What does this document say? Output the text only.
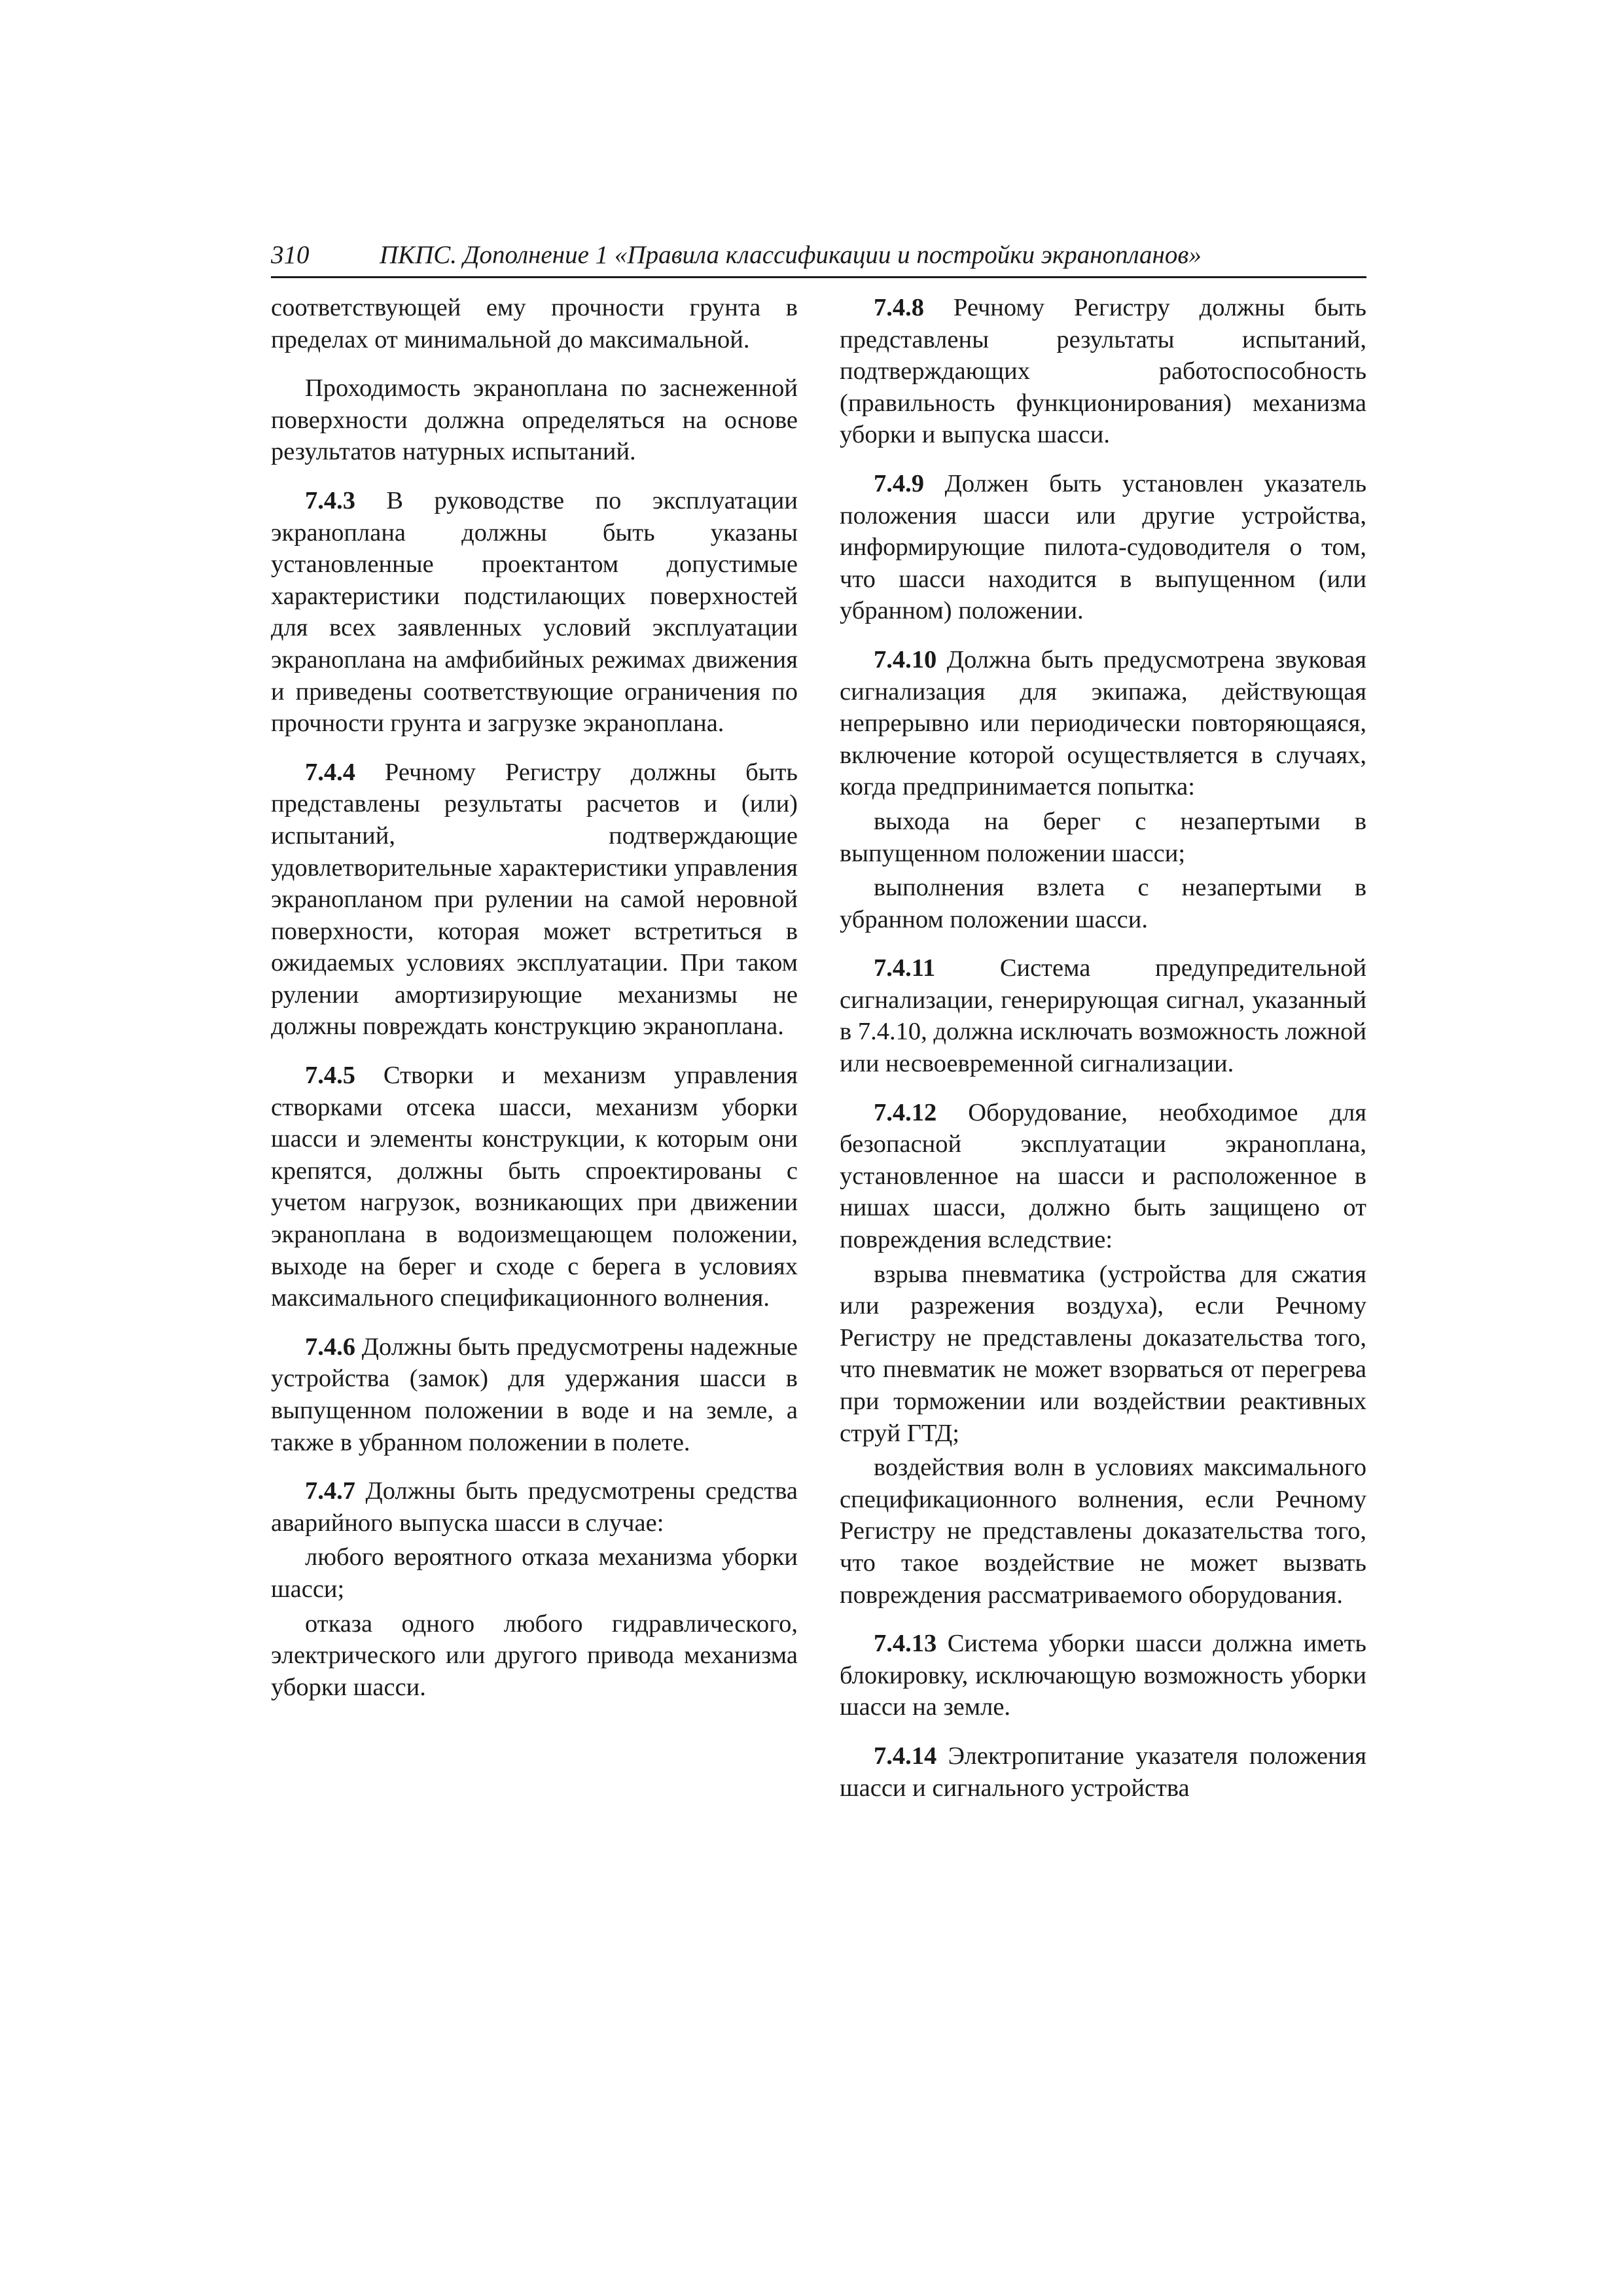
310	ПКПС. Дополнение 1 «Правила классификации и постройки экранопланов»

соответствующей ему прочности грунта в пределах от минимальной до максимальной.

Проходимость экраноплана по заснеженной поверхности должна определяться на основе результатов натурных испытаний.

7.4.3 В руководстве по эксплуатации экраноплана должны быть указаны установленные проектантом допустимые характеристики подстилающих поверхностей для всех заявленных условий эксплуатации экраноплана на амфибийных режимах движения и приведены соответствующие ограничения по прочности грунта и загрузке экраноплана.

7.4.4 Речному Регистру должны быть представлены результаты расчетов и (или) испытаний, подтверждающие удовлетворительные характеристики управления экранопланом при рулении на самой неровной поверхности, которая может встретиться в ожидаемых условиях эксплуатации. При таком рулении амортизирующие механизмы не должны повреждать конструкцию экраноплана.

7.4.5 Створки и механизм управления створками отсека шасси, механизм уборки шасси и элементы конструкции, к которым они крепятся, должны быть спроектированы с учетом нагрузок, возникающих при движении экраноплана в водоизмещающем положении, выходе на берег и сходе с берега в условиях максимального спецификационного волнения.

7.4.6 Должны быть предусмотрены надежные устройства (замок) для удержания шасси в выпущенном положении в воде и на земле, а также в убранном положении в полете.

7.4.7 Должны быть предусмотрены средства аварийного выпуска шасси в случае:

любого вероятного отказа механизма уборки шасси;

отказа одного любого гидравлического, электрического или другого привода механизма уборки шасси.

7.4.8 Речному Регистру должны быть представлены результаты испытаний, подтверждающих работоспособность (правильность функционирования) механизма уборки и выпуска шасси.

7.4.9 Должен быть установлен указатель положения шасси или другие устройства, информирующие пилота-судоводителя о том, что шасси находится в выпущенном (или убранном) положении.

7.4.10 Должна быть предусмотрена звуковая сигнализация для экипажа, действующая непрерывно или периодически повторяющаяся, включение которой осуществляется в случаях, когда предпринимается попытка:

выхода на берег с незапертыми в выпущенном положении шасси;

выполнения взлета с незапертыми в убранном положении шасси.

7.4.11 Система предупредительной сигнализации, генерирующая сигнал, указанный в 7.4.10, должна исключать возможность ложной или несвоевременной сигнализации.

7.4.12 Оборудование, необходимое для безопасной эксплуатации экраноплана, установленное на шасси и расположенное в нишах шасси, должно быть защищено от повреждения вследствие:

взрыва пневматика (устройства для сжатия или разрежения воздуха), если Речному Регистру не представлены доказательства того, что пневматик не может взорваться от перегрева при торможении или воздействии реактивных струй ГТД;

воздействия волн в условиях максимального спецификационного волнения, если Речному Регистру не представлены доказательства того, что такое воздействие не может вызвать повреждения рассматриваемого оборудования.

7.4.13 Система уборки шасси должна иметь блокировку, исключающую возможность уборки шасси на земле.

7.4.14 Электропитание указателя положения шасси и сигнального устройства
